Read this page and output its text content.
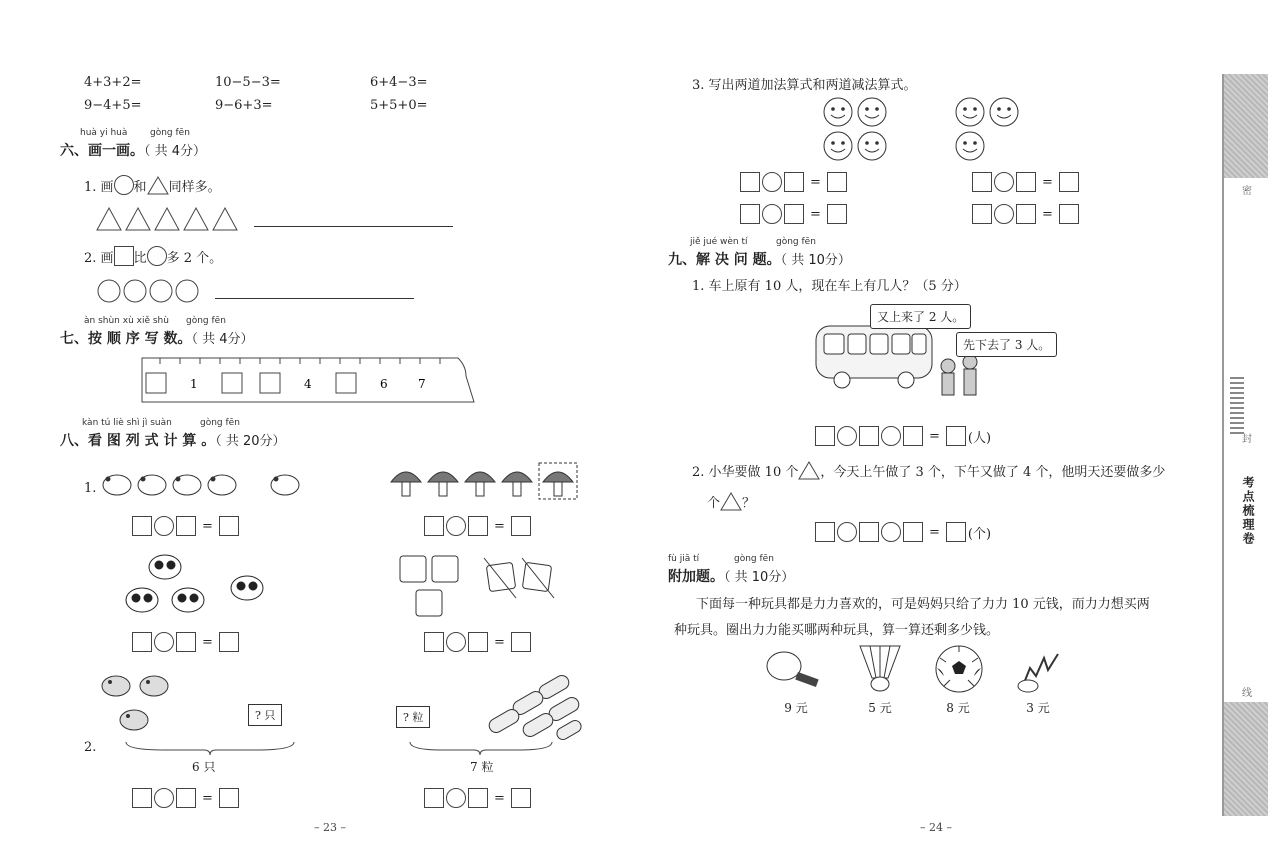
4+3+2=	10−5−3=	6+4−3=
9−4+5=	9−6+3=	5+5+0=
huà yi huà	gòng fēn
六、画一画。（ 共 4分）
1. 画 和 同样多。
2. 画 比 多 2 个。
àn shùn xù xiě shù gòng fēn
七、按 顺 序 写 数。（ 共 4分）
1	4	6	7
kàn tú liè shì jì suàn	gòng fēn
八、看 图 列 式 计 算 。（ 共 20分）
1.
=	=
=	=
? 只
2.
6 只
? 粒
7 粒
=	=
– 23 –
3. 写出两道加法算式和两道减法算式。
=	=
=	=
jiě jué wèn tí	gòng fēn
九、解 决 问 题。（ 共 10分）
1. 车上原有 10 人，现在车上有几人？（5 分）
又上来了 2 人。
先下去了 3 人。
= (人)
2. 小华要做 10 个 ，今天上午做了 3 个，下午又做了 4 个，他明天还要做多少
个 ？
= (个)
fù jiā tí	gòng fēn
附加题。（ 共 10分）
下面每一种玩具都是力力喜欢的，可是妈妈只给了力力 10 元钱，而力力想买两
种玩具。圈出力力能买哪两种玩具，算一算还剩多少钱。
9 元	5 元	8 元	3 元
– 24 –
密
封
线
考点梳理卷
